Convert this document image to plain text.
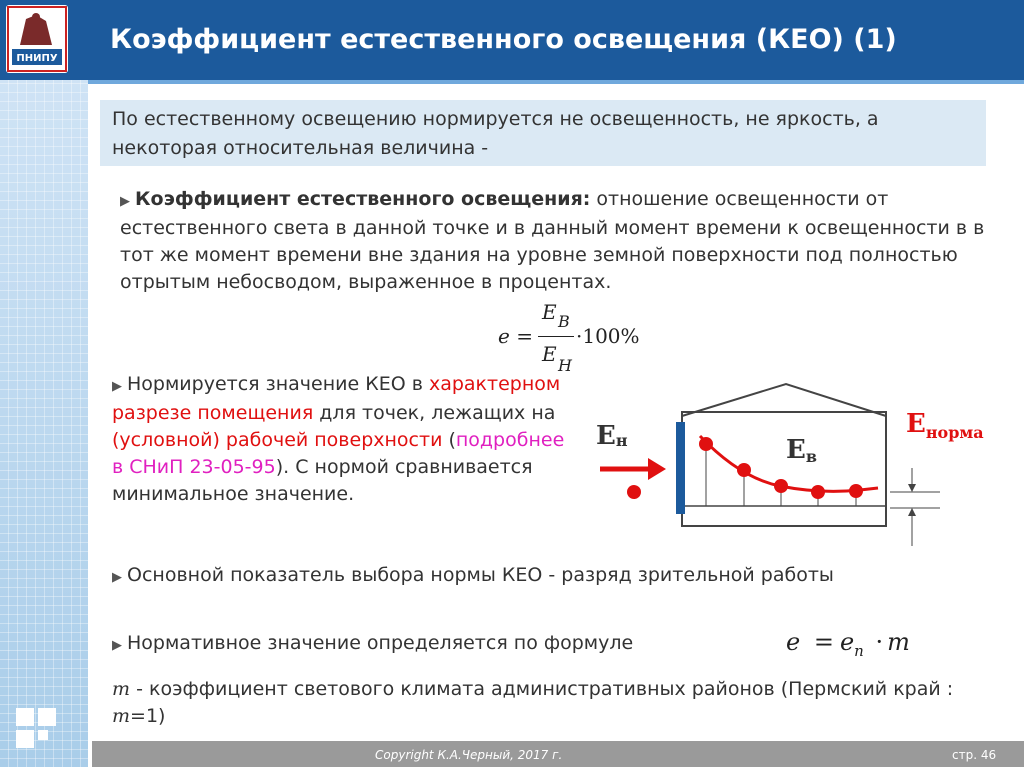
ПНИПУ
Коэффициент естественного освещения (КЕО) (1)
По естественному освещению нормируется не освещенность, не яркость, а некоторая относительная величина -
▶ Коэффициент естественного освещения: отношение освещенности от естественного света в данной точке и в данный момент времени к освещенности в в тот же момент времени вне здания на уровне земной поверхности под полностью отрытым небосводом, выраженное в процентах.
e =
E B
E H
·100%
▶ Нормируется значение КЕО в характерном разрезе помещения для точек, лежащих на (условной) рабочей поверхности (подробнее в СНиП 23-05-95). С нормой сравнивается минимальное значение.
Eн	Eв
$E_{норма}$
▶ Основной показатель выбора нормы КЕО - разряд зрительной работы
▶ Нормативное значение определяется по формуле	$e = e_n \cdot m$
m - коэффициент светового климата административных районов (Пермский край : m=1)
Copyright К.А.Черный, 2017 г.	стр. 46
